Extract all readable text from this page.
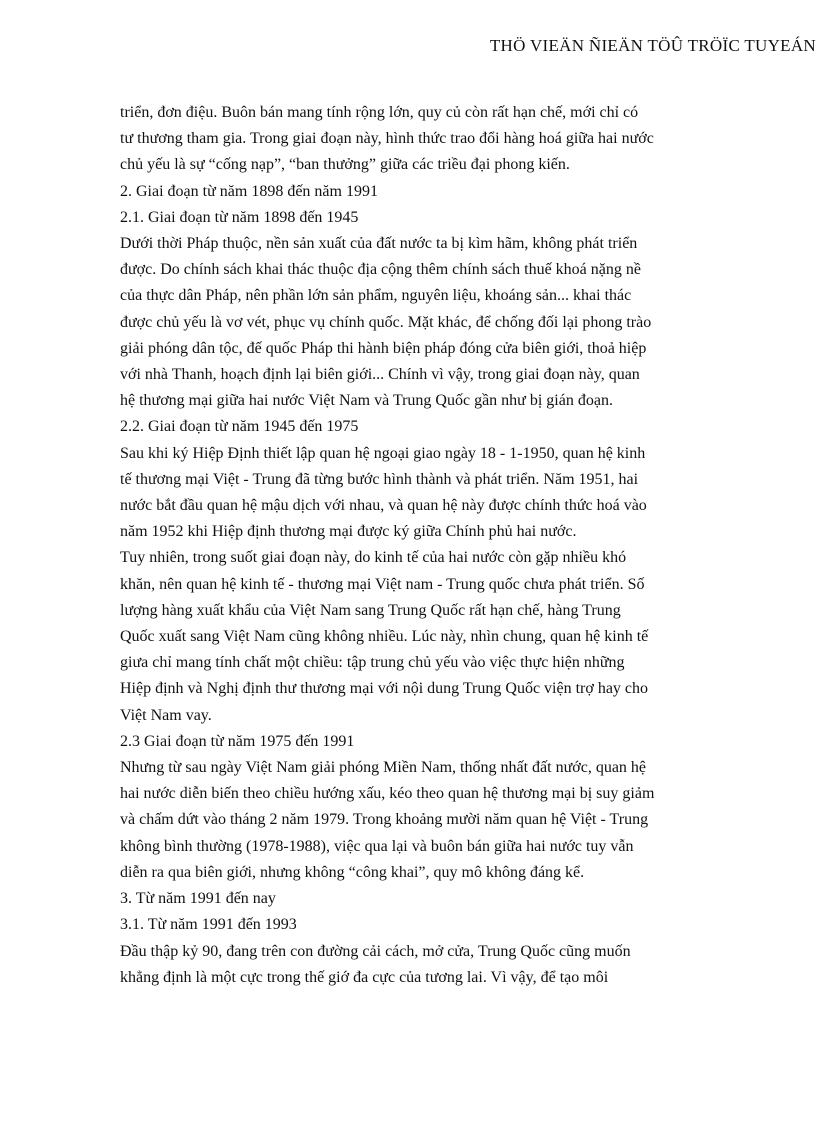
THÖ VIEÄN ÑIEÄN TÖÛ TRÖÏC TUYEÁN
triển, đơn điệu. Buôn bán mang tính rộng lớn, quy củ còn rất hạn chế, mới chỉ có
tư thương tham gia. Trong giai đoạn này, hình thức trao đổi hàng hoá giữa hai nước
chủ yếu là sự “cống nạp”, “ban thưởng” giữa các triều đại phong kiến.
2. Giai đoạn từ năm 1898 đến năm 1991
2.1. Giai đoạn từ năm 1898 đến 1945
Dưới thời Pháp thuộc, nền sản xuất của đất nước ta bị kìm hãm, không phát triển
được. Do chính sách khai thác thuộc địa cộng thêm chính sách thuế khoá nặng nề
của thực dân Pháp, nên phần lớn sản phẩm, nguyên liệu, khoáng sản... khai thác
được chủ yếu là vơ vét, phục vụ chính quốc. Mặt khác, để chống đối lại phong trào
giải phóng dân tộc, đế quốc Pháp thi hành biện pháp đóng cửa biên giới, thoả hiệp
với nhà Thanh, hoạch định lại biên giới... Chính vì vậy, trong giai đoạn này, quan
hệ thương mại giữa hai nước Việt Nam và Trung Quốc gần như bị gián đoạn.
2.2. Giai đoạn từ năm 1945 đến 1975
Sau khi ký Hiệp Định thiết lập quan hệ ngoại giao ngày 18 - 1-1950, quan hệ kinh
tế thương mại Việt - Trung đã từng bước hình thành và phát triển. Năm 1951, hai
nước bắt đầu quan hệ mậu dịch với nhau, và quan hệ này được chính thức hoá vào
năm 1952 khi Hiệp định thương mại được ký giữa Chính phủ hai nước.
Tuy nhiên, trong suốt giai đoạn này, do kinh tế của hai nước còn gặp nhiều khó
khăn, nên quan hệ kinh tế - thương mại Việt nam - Trung quốc chưa phát triển. Số
lượng hàng xuất khẩu của Việt Nam sang Trung Quốc rất hạn chế, hàng Trung
Quốc xuất sang Việt Nam cũng không nhiều. Lúc này, nhìn chung, quan hệ kinh tế
giưa chỉ mang tính chất một chiều: tập trung chủ yếu vào việc thực hiện những
Hiệp định và Nghị định thư thương mại với nội dung Trung Quốc viện trợ hay cho
Việt Nam vay.
2.3 Giai đoạn từ năm 1975 đến 1991
Nhưng từ sau ngày Việt Nam giải phóng Miền Nam, thống nhất đất nước, quan hệ
hai nước diễn biến theo chiều hướng xấu, kéo theo quan hệ thương mại bị suy giảm
và chấm dứt vào tháng 2 năm 1979. Trong khoảng mười năm quan hệ Việt - Trung
không bình thường (1978-1988), việc qua lại và buôn bán giữa hai nước tuy vẫn
diễn ra qua biên giới, nhưng không “công khai”, quy mô không đáng kể.
3. Từ năm 1991 đến nay
3.1. Từ năm 1991 đến 1993
Đầu thập kỷ 90, đang trên con đường cải cách, mở cửa, Trung Quốc cũng muốn
khẳng định là một cực trong thế giớ đa cực của tương lai. Vì vậy, để tạo môi
